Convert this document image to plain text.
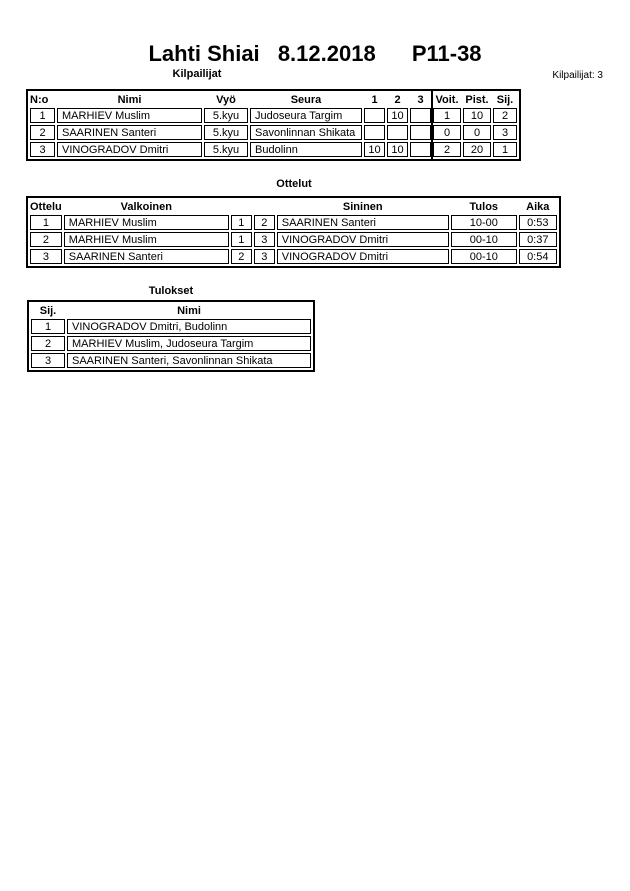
Lahti Shiai 8.12.2018 P11-38
Kilpailijat	Kilpailijat: 3
N:o	Nimi	Vyö	Seura	1	2	3	Voit.	Pist.	Sij.
1	MARHIEV Muslim	5.kyu	Judoseura Targim		10		1	10	2
2	SAARINEN Santeri	5.kyu	Savonlinnan Shikata				0	0	3
3	VINOGRADOV Dmitri	5.kyu	Budolinn	10	10		2	20	1
Ottelut
Ottelu	Valkoinen			Sininen	Tulos	Aika
1	MARHIEV Muslim	1	2	SAARINEN Santeri	10-00	0:53
2	MARHIEV Muslim	1	3	VINOGRADOV Dmitri	00-10	0:37
3	SAARINEN Santeri	2	3	VINOGRADOV Dmitri	00-10	0:54
Tulokset
Sij.	Nimi
1	VINOGRADOV Dmitri, Budolinn
2	MARHIEV Muslim, Judoseura Targim
3	SAARINEN Santeri, Savonlinnan Shikata
